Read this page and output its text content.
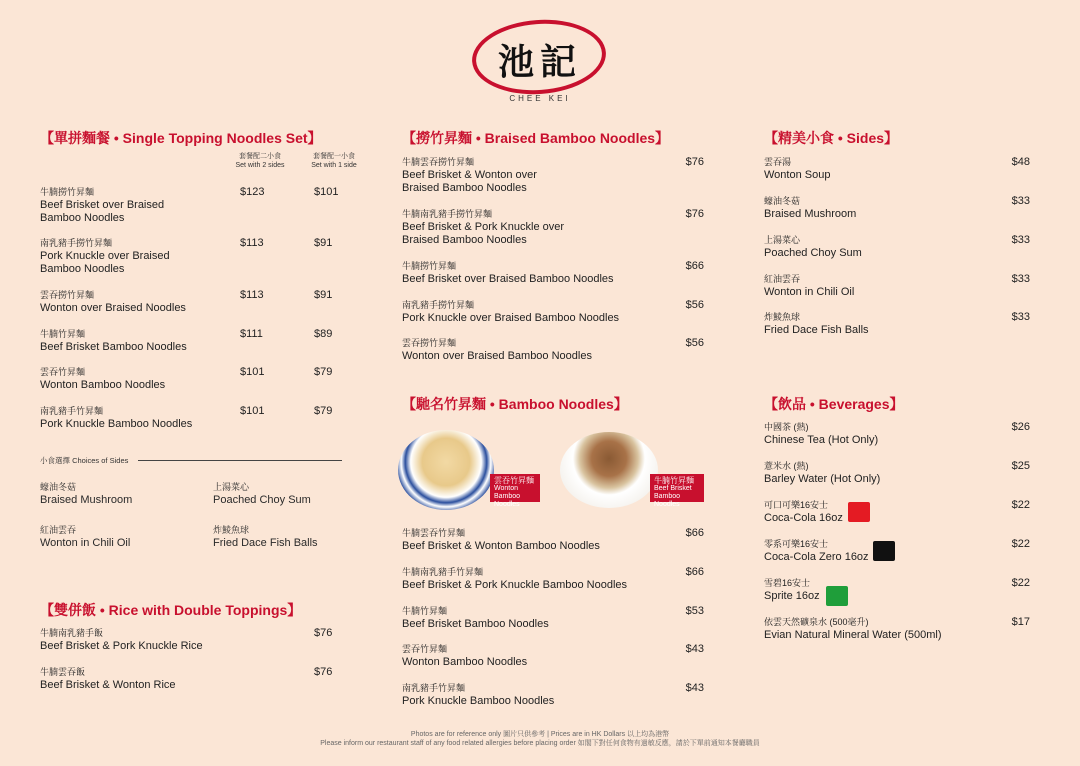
池記
CHEE KEI
【單拼麵餐 • Single Topping Noodles Set】
套餐配二小食
Set with 2 sides
套餐配一小食
Set with 1 side
牛腩撈竹昇麵
Beef Brisket over Braised Bamboo Noodles
$123	$101
南乳豬手撈竹昇麵
Pork Knuckle over Braised Bamboo Noodles
$113	$91
雲吞撈竹昇麵
Wonton over Braised Noodles
$113	$91
牛腩竹昇麵
Beef Brisket Bamboo Noodles
$111	$89
雲吞竹昇麵
Wonton Bamboo Noodles
$101	$79
南乳豬手竹昇麵
Pork Knuckle Bamboo Noodles
$101	$79
小食選擇 Choices of Sides
蠔油冬菇
Braised Mushroom
上湯菜心
Poached Choy Sum
紅油雲吞
Wonton in Chili Oil
炸鯪魚球
Fried Dace Fish Balls
【雙併飯 • Rice with Double Toppings】
牛腩南乳豬手飯
Beef Brisket & Pork Knuckle Rice
$76
牛腩雲吞飯
Beef Brisket & Wonton Rice
$76
【撈竹昇麵 • Braised Bamboo Noodles】
牛腩雲吞撈竹昇麵
Beef Brisket & Wonton over
Braised Bamboo Noodles
$76
牛腩南乳豬手撈竹昇麵
Beef Brisket & Pork Knuckle over
Braised Bamboo Noodles
$76
牛腩撈竹昇麵
Beef Brisket over Braised Bamboo Noodles
$66
南乳豬手撈竹昇麵
Pork Knuckle over Braised Bamboo Noodles
$56
雲吞撈竹昇麵
Wonton over Braised Bamboo Noodles
$56
【馳名竹昇麵 • Bamboo Noodles】
雲吞竹昇麵
Wonton Bamboo Noodles
牛腩竹昇麵
Beef Brisket Bamboo Noodles
牛腩雲吞竹昇麵
Beef Brisket & Wonton Bamboo Noodles
$66
牛腩南乳豬手竹昇麵
Beef Brisket & Pork Knuckle Bamboo Noodles
$66
牛腩竹昇麵
Beef Brisket Bamboo Noodles
$53
雲吞竹昇麵
Wonton Bamboo Noodles
$43
南乳豬手竹昇麵
Pork Knuckle Bamboo Noodles
$43
【精美小食 • Sides】
雲吞湯
Wonton Soup
$48
蠔油冬菇
Braised Mushroom
$33
上湯菜心
Poached Choy Sum
$33
紅油雲吞
Wonton in Chili Oil
$33
炸鯪魚球
Fried Dace Fish Balls
$33
【飲品 • Beverages】
中國茶 (熱)
Chinese Tea (Hot Only)
$26
薏米水 (熱)
Barley Water (Hot Only)
$25
可口可樂16安士
Coca-Cola 16oz
$22
零系可樂16安士
Coca-Cola Zero 16oz
$22
雪碧16安士
Sprite 16oz
$22
依雲天然礦泉水 (500毫升)
Evian Natural Mineral Water (500ml)
$17
Photos are for reference only 圖片只供參考 | Prices are in HK Dollars 以上均為港幣
Please inform our restaurant staff of any food related allergies before placing order 如閣下對任何食物有過敏反應，請於下單前通知本餐廳職員
